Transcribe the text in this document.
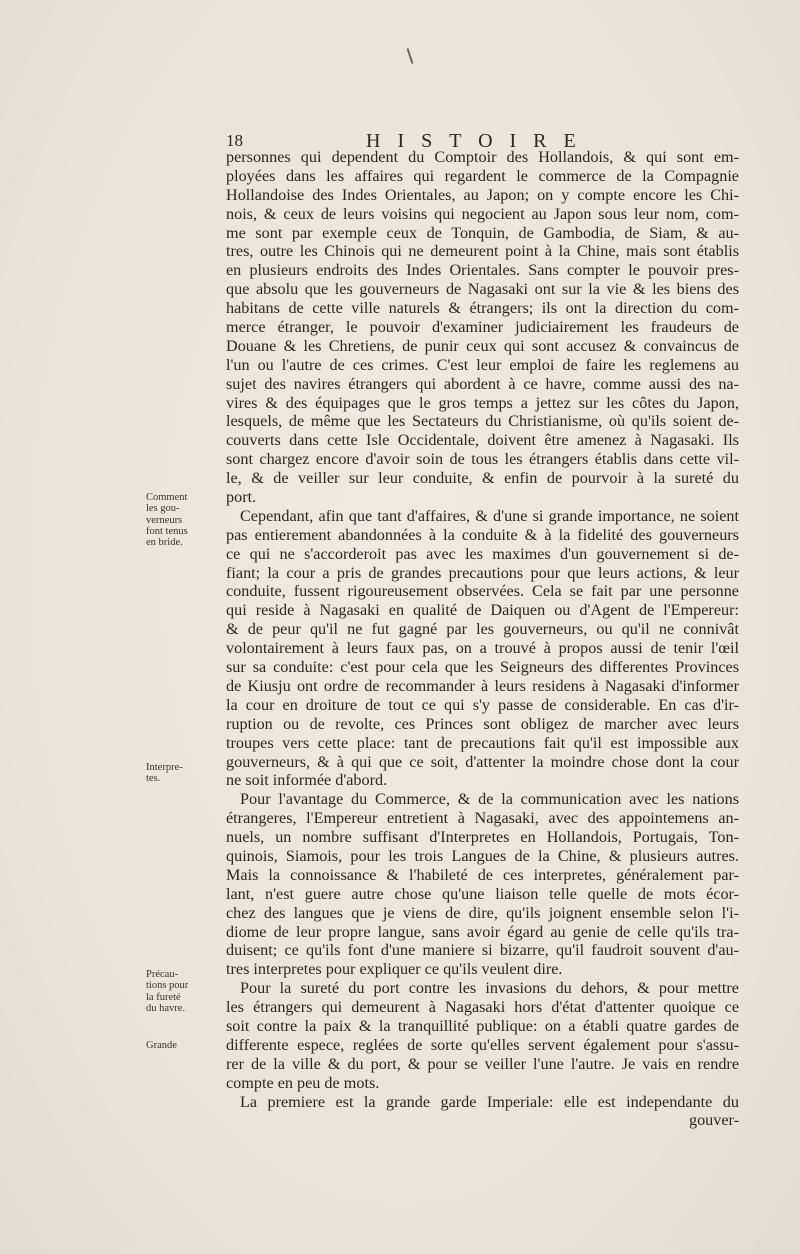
18	HISTOIRE
personnes qui dependent du Comptoir des Hollandois, & qui sont em-
ployées dans les affaires qui regardent le commerce de la Compagnie
Hollandoise des Indes Orientales, au Japon; on y compte encore les Chi-
nois, & ceux de leurs voisins qui negocient au Japon sous leur nom, com-
me sont par exemple ceux de Tonquin, de Gambodia, de Siam, & au-
tres, outre les Chinois qui ne demeurent point à la Chine, mais sont établis
en plusieurs endroits des Indes Orientales. Sans compter le pouvoir pres-
que absolu que les gouverneurs de Nagasaki ont sur la vie & les biens des
habitans de cette ville naturels & étrangers; ils ont la direction du com-
merce étranger, le pouvoir d'examiner judiciairement les fraudeurs de
Douane & les Chretiens, de punir ceux qui sont accusez & convaincus de
l'un ou l'autre de ces crimes. C'est leur emploi de faire les reglemens au
sujet des navires étrangers qui abordent à ce havre, comme aussi des na-
vires & des équipages que le gros temps a jettez sur les côtes du Japon,
lesquels, de même que les Sectateurs du Christianisme, où qu'ils soient de-
couverts dans cette Isle Occidentale, doivent être amenez à Nagasaki. Ils
sont chargez encore d'avoir soin de tous les étrangers établis dans cette vil-
le, & de veiller sur leur conduite, & enfin de pourvoir à la sureté du
port.
Cependant, afin que tant d'affaires, & d'une si grande importance, ne soient
pas entierement abandonnées à la conduite & à la fidelité des gouverneurs
ce qui ne s'accorderoit pas avec les maximes d'un gouvernement si de-
fiant; la cour a pris de grandes precautions pour que leurs actions, & leur
conduite, fussent rigoureusement observées. Cela se fait par une personne
qui reside à Nagasaki en qualité de Daiquen ou d'Agent de l'Empereur:
& de peur qu'il ne fut gagné par les gouverneurs, ou qu'il ne connivât
volontairement à leurs faux pas, on a trouvé à propos aussi de tenir l'œil
sur sa conduite: c'est pour cela que les Seigneurs des differentes Provinces
de Kiusju ont ordre de recommander à leurs residens à Nagasaki d'informer
la cour en droiture de tout ce qui s'y passe de considerable. En cas d'ir-
ruption ou de revolte, ces Princes sont obligez de marcher avec leurs
troupes vers cette place: tant de precautions fait qu'il est impossible aux
gouverneurs, & à qui que ce soit, d'attenter la moindre chose dont la cour
ne soit informée d'abord.
Pour l'avantage du Commerce, & de la communication avec les nations
étrangeres, l'Empereur entretient à Nagasaki, avec des appointemens an-
nuels, un nombre suffisant d'Interpretes en Hollandois, Portugais, Ton-
quinois, Siamois, pour les trois Langues de la Chine, & plusieurs autres.
Mais la connoissance & l'habileté de ces interpretes, généralement par-
lant, n'est guere autre chose qu'une liaison telle quelle de mots écor-
chez des langues que je viens de dire, qu'ils joignent ensemble selon l'i-
diome de leur propre langue, sans avoir égard au genie de celle qu'ils tra-
duisent; ce qu'ils font d'une maniere si bizarre, qu'il faudroit souvent d'au-
tres interpretes pour expliquer ce qu'ils veulent dire.
Pour la sureté du port contre les invasions du dehors, & pour mettre
les étrangers qui demeurent à Nagasaki hors d'état d'attenter quoique ce
soit contre la paix & la tranquillité publique: on a établi quatre gardes de
differente espece, reglées de sorte qu'elles servent également pour s'assu-
rer de la ville & du port, & pour se veiller l'une l'autre. Je vais en rendre
compte en peu de mots.
La premiere est la grande garde Imperiale: elle est independante du
gouver-
Comment
les gou-
verneurs
font tenus
en bride.
Interpre-
tes.
Précau-
tions pour
la fureté
du havre.
Grande
